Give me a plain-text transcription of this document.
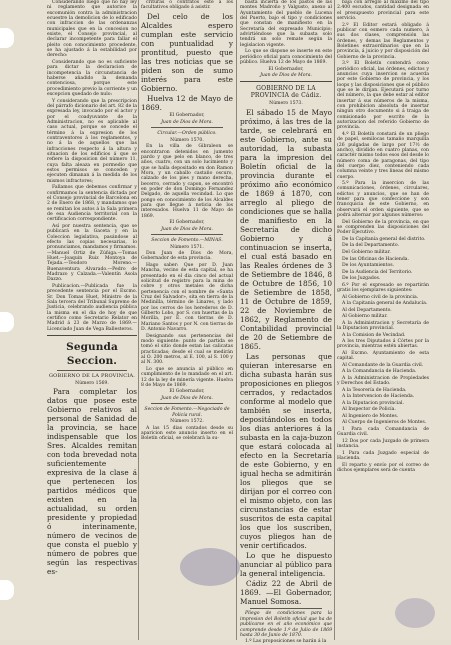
Considerando luego que no hay ley ni reglamento que autorice la excomunión contra la administracion ecuestre la demolicion de lo edificado con infraccion de las ordenanzas municipales que en la concesion no existe, el Consejo provincial, al declarar incompetente para fallar el pleito con conocimiento procedente, se ha ajustado á la estabilidad por derecho:

Considerando que no es suficiente para dictar la declaracion de incompetencia la circunstancia de haberse añadido la demanda contenciosa, porque este procedimiento previo la corriente y un excepcion quedado de nulo:

Y considerando que la prescripcion del párrafo dicionario del art. 82 de la expresada ley, invocado por el actor y por el coadyuvante de la Administracion, no es aplicable al caso actual, porque se concede el término á la expresion de los contraventores á los reglamentos, y no á la de aquellos que las infracciones respecto á la altura y situacion de los edificios á que se refiere la disposicion del número 11, cuya falta aleaza en pormedio que estos permisos se conceden y ejecuten dimanan á la medida de los mismos infractores;

Fallamos que debemos confirmar y confirmamos la sentencia dictada por el Consejo provincial de Barcelona en 2 de Enero de 1868, y mandamos que se remitan los autos á la Sala primera de esa Audiencia territorial con la certificacion correspondiente.

Así por nuestra sentencia, que se publicará en la Gaceta y en la Coleccion legislativa, pasándose al efecto las copias necesarias, lo pronunciamos, mandamos y firmamos.—Manuel Ortiz de Zúñiga.—Tomas Huet.—Joaquin Ruiz Montoya de Tejada.—Teodoro Moreno.—Buenaventura Alvarado.—Pedro de Madrazo y Calzada.—Valentín Asola Dazzo.

Publicacion.—Publicada fue la precedente sentencia por el Excmo. Sr. Don Tomas Huet, Ministro de la Sala tercera del Tribunal Supremo de Justicia, celebrando audiencia pública la misma en el dia de hoy de que certifico como Secretario Relator en Madrid á 23 de Marzo de 1869.—Licenciado Juan de Vega Ballesteros.

Segunda Seccion.
GOBIERNO DE LA PROVINCIA.
Número 1569.

Para completar los datos que posee este Gobierno relativos al personal de Sanidad de la provincia, se hace indispensable que los Sres. Alcaldes remitan con toda brevedad nota suficientemente expresiva de la clase á que pertenecen los partidos médicos que existen en la actualidad, su orden presidente y propiedad ó interinamente, número de vecinos de que consta el pueblo y número de pobres que según las respectivas es-

crituras ó contratos esté á los facultativos obligado á asistir.

Del celo de los Alcaldes espero cumplan este servicio con puntualidad y prontitud, puesto que las tres noticias que se piden son de sumo interés para este Gobierno.

Huelva 12 de Mayo de 1869.

El Gobernador,
Juan de Dios de Mora.
Circular.—Orden público.
Número 1570.

En la villa de Gibraleon se encontraron detenidos en jumento pardo y que pelo en blanco, de tres años, cuatro, con un solo lucimiento y que se halla depositado en don Ramon Mora, y un caballo castaño oscuro, calzado de los pies y mano derecha, becerro, cerrado y capon, se encontró en poder de don Domingo Fernandez Delgado, de aquella vecindad. Lo que pongo en conocimiento de los Alcaldes para que llegue á noticia de los interesados. Huelva 11 de Mayo de 1869.

El Gobernador,
Juan de Dios de Mora.
Seccion de Fomento.—MINAS.
Número 1571.

Don Juan de Dios de Mora, Gobernador de esta provincia.

Hago saber: Que por D. Juan Mancha, vecino de esta capital, se ha presentado en el dia cinco del actual solicitud de registro para la mina de cobre y otros metales de dicha pertenencia con el nombre de «Santa Cruz del Salvador», sita en tierra de la Medinilla, término de Linares, y lado por los cerros de los herederos de D. Gilberto Lobo, por S. con huertas de la Morilla, por E. con tierras de D. Mariano Santos y por N. con tierras de D. Antonio Navarro.

Designando sus pertenencias del modo siguiente: punto de partida se tomó el sitio donde estan las calicatas practicadas; desde el cual se medirán al O. 200 metros, al E. 100, al S. 100 y al N. 300.

Lo que se anuncia al público en cumplimiento de lo mandado en el art. 12 de la ley de minería vigente. Huelva 8 de Mayo de 1869.

El Gobernador,
Juan de Dios de Mora.
Seccion de Fomento.—Negociado de Policía rural.
Número 1572.

A las 15 dias contados desde su aparicion este anuncio inserto en el Boletín oficial, se celebrará la su-

basta incierta de los pastos de las montes Madroño y Valgusto, anexo al Ayuntamiento del pueblo de Lucena del Puerto, bajo el tipo y condiciones que constan de manifiesto en la Secretaría del expresado Municipio; advirtiéndose que la subasta solo tendrá un solo remate según la legislacion vigente.

Lo que se dispone se inserte en este periódico oficial para conocimiento del público. Huelva 12 de Mayo de 1869.

El Gobernador,
Juan de Dios de Mora.
GOBIERNO DE LA PROVINCIA de Cádiz.
Número 1573.

El sábado 15 de Mayo próximo, á las tres de la tarde, se celebrará en este Gobierno, ante su autoridad, la subasta para la impresion del Boletín oficial de la provincia durante el próximo año económico de 1869 á 1870, con arreglo al pliego de condiciones que se halla de manifiesto en la Secretaría de dicho Gobierno y á continuacion se inserta, el cual está basado en las Reales órdenes de 3 de Setiembre de 1846, 8 de Octubre de 1856, 10 de Setiembre de 1858, 11 de Octubre de 1859, 22 de Noviembre de 1862, y Reglamento de Contabilidad provincial de 20 de Setiembre de 1865.

Las personas que quieran interesarse en dicha subasta harán sus proposiciones en pliegos cerrados, y redactados conforme al modelo que también se inserta, depositándolos en todos los dias anteriores á la subasta en la caja-buzon que estará colocada al efecto en la Secretaría de este Gobierno, y en igual hecha se admitirán los pliegos que se dirijan por el correo con el mismo objeto, con las circunstancias de estar suscritos de esta capital los que los suscriben, cuyos pliegos han de venir certificados.

Lo que he dispuesto anunciar al público para la general inteligencia.

Cádiz 22 de Abril de 1869. —El Gobernador, Manuel Somosa.

Pliego de condiciones para la impresion del Boletín oficial que ha de publicarse en el año económico que comprende desde 1.º de Julio de 1869 hasta 30 de Junio de 1870.

1.º Las proposiciones se harán á la

baja con arreglo al máximo del tipo 2.400 escudos, cantidad designada en el presupuesto provincial para este servicio.

2.º El Editor estará obligado á publicar con esmero cada numero, á sus dos clases, comprensión las órdenes, y demas las Reglamentos y Boletines extraordinarios que en la provincia, á juicio y por disposición del Gobierno de la provincia.

3.º El Boletín contendrá como periódico oficial, las órdenes, edictos y anuncios cuya insercion se acuerda por este Gobierno de provincia, y los loops y las disposiciones que el público que se le dirijan. Ejecutará por turno del número, la que debe estar al editor insertar á sus números de la misma, con prohibicion absoluta de insertar ningún otro documento si á traiga de comisionado por escrito de la autorizacion del referido Gobierno de provincia.

4.º El Boletín constará de un pliego de papel, semilocas tamaño marquilla (26 pulgadas de largo por 17½ de ancho), dividido en cuatro planas, con caractér mismo todos esos del desde lo número coma de paragonas, del tipo del cuerpo diez, conteniendo cada columna veinte y tres lineas del mismo cuerpo.

5.º Para la insercion de las comunicaciones, órdenes, circulares, edictos y anuncios, que se han de tener para que confeccione y son francquicia de este Gobierno, en observará el orden siguiente, que se podrá alternar por algunos números:

Del Gobierno de la provincia, en que se comprenden las disposiciones del Poder Ejecutivo.

De la Capitanía general del distrito.

De la del Departamento.

Del Gobierno militar.

De las Oficinas de Hacienda.

De los Ayuntamientos.

De la Audiencia del Territorio.

De los Juzgados.

6.º Por el expresado se repartirán gratis los ejemplares siguientes:

Al Gobierno civil de la provincia.

A la Capitanía general de Andalucía.

Al del Departamento.

Al Gobierno militar.

A la Administracion y Secretaría de la Diputacion provincial.

A la Comision de Vecindad.

A los tres Diputados á Córtes por la provincia, mientras estén abiertas.

Al Excmo. Ayuntamiento de esta capital.

Al Comandante de la Guardia civil.

A la Comandancia de Hacienda.

A la Administracion de Propiedades y Derechos del Estado.

A la Tesorería de Hacienda.

A la Intervencion de Hacienda.

A la Diputacion provincial.

Al Inspector de Policía.

Al Ingeniero de Montes.

Al Cuerpo de Ingenieros de Montes.

1 Para cada Comandancia de Guardia civil.

12 Dos por cada Juzgado de primera instancia.

1 Para cada Juzgado especial de Hacienda.

El reparto y envío por el correo de dichos ejemplares será de cuenta
